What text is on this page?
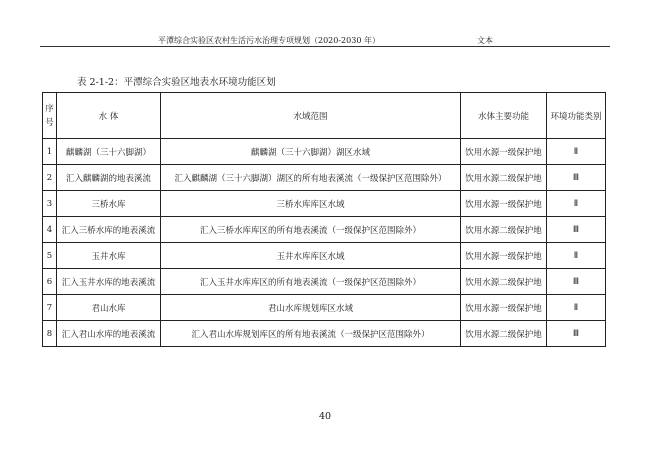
平潭综合实验区农村生活污水治理专项规划（2020-2030 年）	文本
表 2-1-2：平潭综合实验区地表水环境功能区划
序
号	水 体	水域范围	水体主要功能	环境功能类别
1	麒麟湖（三十六脚湖）	麒麟湖（三十六脚湖）湖区水域	饮用水源一级保护地	Ⅱ
2	汇入麒麟湖的地表溪流	汇入麒麟湖（三十六脚湖）湖区的所有地表溪流（一级保护区范围除外）	饮用水源二级保护地	Ⅲ
3	三桥水库	三桥水库库区水域	饮用水源一级保护地	Ⅱ
4	汇入三桥水库的地表溪流	汇入三桥水库库区的所有地表溪流（一级保护区范围除外）	饮用水源二级保护地	Ⅲ
5	玉井水库	玉井水库库区水域	饮用水源一级保护地	Ⅱ
6	汇入玉井水库的地表溪流	汇入玉井水库库区的所有地表溪流（一级保护区范围除外）	饮用水源二级保护地	Ⅲ
7	君山水库	君山水库规划库区水域	饮用水源一级保护地	Ⅱ
8	汇入君山水库的地表溪流	汇入君山水库规划库区的所有地表溪流（一级保护区范围除外）	饮用水源二级保护地	Ⅲ
40
